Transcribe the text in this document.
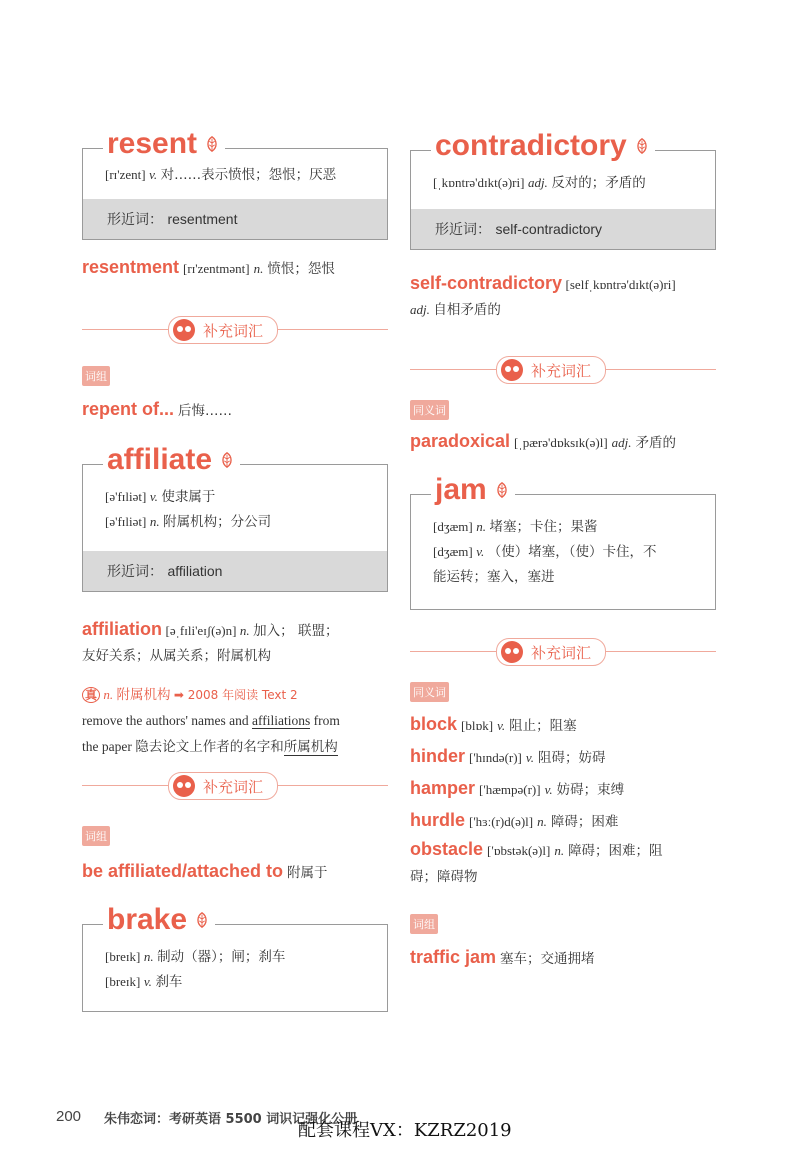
resent
[rɪ'zent] v. 对……表示愤恨；怨恨；厌恶
形近词： resentment
resentment [rɪ'zentmənt] n. 愤恨；怨恨
补充词汇
词组
repent of... 后悔……
affiliate
[ə'fɪliət] v. 使隶属于
[ə'fɪliət] n. 附属机构；分公司
形近词： affiliation
affiliation [əˌfɪli'eɪʃ(ə)n] n. 加入； 联盟；
友好关系；从属关系；附属机构
真 n. 附属机构 ➡ 2008 年阅读 Text 2
remove the authors' names and affiliations from
the paper 隐去论文上作者的名字和所属机构
补充词汇
词组
be affiliated/attached to 附属于
brake
[breɪk] n. 制动（器）；闸；刹车
[breɪk] v. 刹车
contradictory
[ˌkɒntrə'dɪkt(ə)ri] adj. 反对的；矛盾的
形近词： self-contradictory
self-contradictory [selfˌkɒntrə'dɪkt(ə)ri]
adj. 自相矛盾的
补充词汇
同义词
paradoxical [ˌpærə'dɒksɪk(ə)l] adj. 矛盾的
jam
[dʒæm] n. 堵塞；卡住；果酱
[dʒæm] v. （使）堵塞，（使）卡住，不
能运转；塞入，塞进
补充词汇
同义词
block [blɒk] v. 阻止；阻塞
hinder ['hɪndə(r)] v. 阻碍；妨碍
hamper ['hæmpə(r)] v. 妨碍；束缚
hurdle ['hɜː(r)d(ə)l] n. 障碍；困难
obstacle ['ɒbstək(ə)l] n. 障碍；困难；阻
碍；障碍物
词组
traffic jam 塞车；交通拥堵
200 朱伟恋词：考研英语 5500 词识记强化公册
配套课程VX：KZRZ2019
